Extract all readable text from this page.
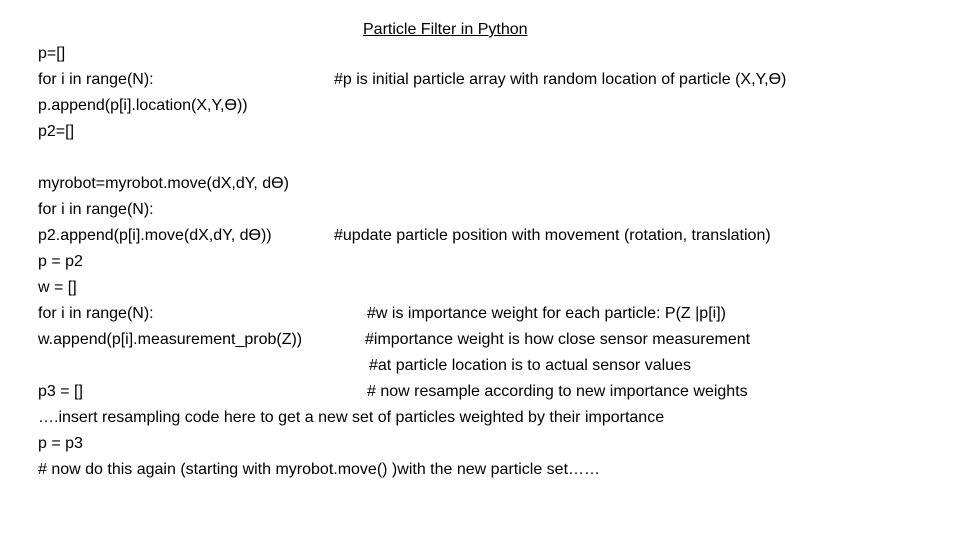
Particle Filter in Python
p=[]
for i in range(N):	#p is initial particle array with random location of particle (X,Y,ϴ)
p.append(p[i].location(X,Y,ϴ))
p2=[]
myrobot=myrobot.move(dX,dY, dϴ)
for i in range(N):
p2.append(p[i].move(dX,dY, dϴ))	#update particle position with movement (rotation, translation)
p = p2
w = []
for i in range(N):	#w is importance weight for each particle: P(Z |p[i])
w.append(p[i].measurement_prob(Z))	#importance weight is how close sensor measurement
#at particle location is to actual sensor values
p3 = []	# now resample according to new importance weights
….insert resampling code here to get a new set of particles weighted by their importance
p = p3
# now do this again (starting with myrobot.move() )with the new particle set……
